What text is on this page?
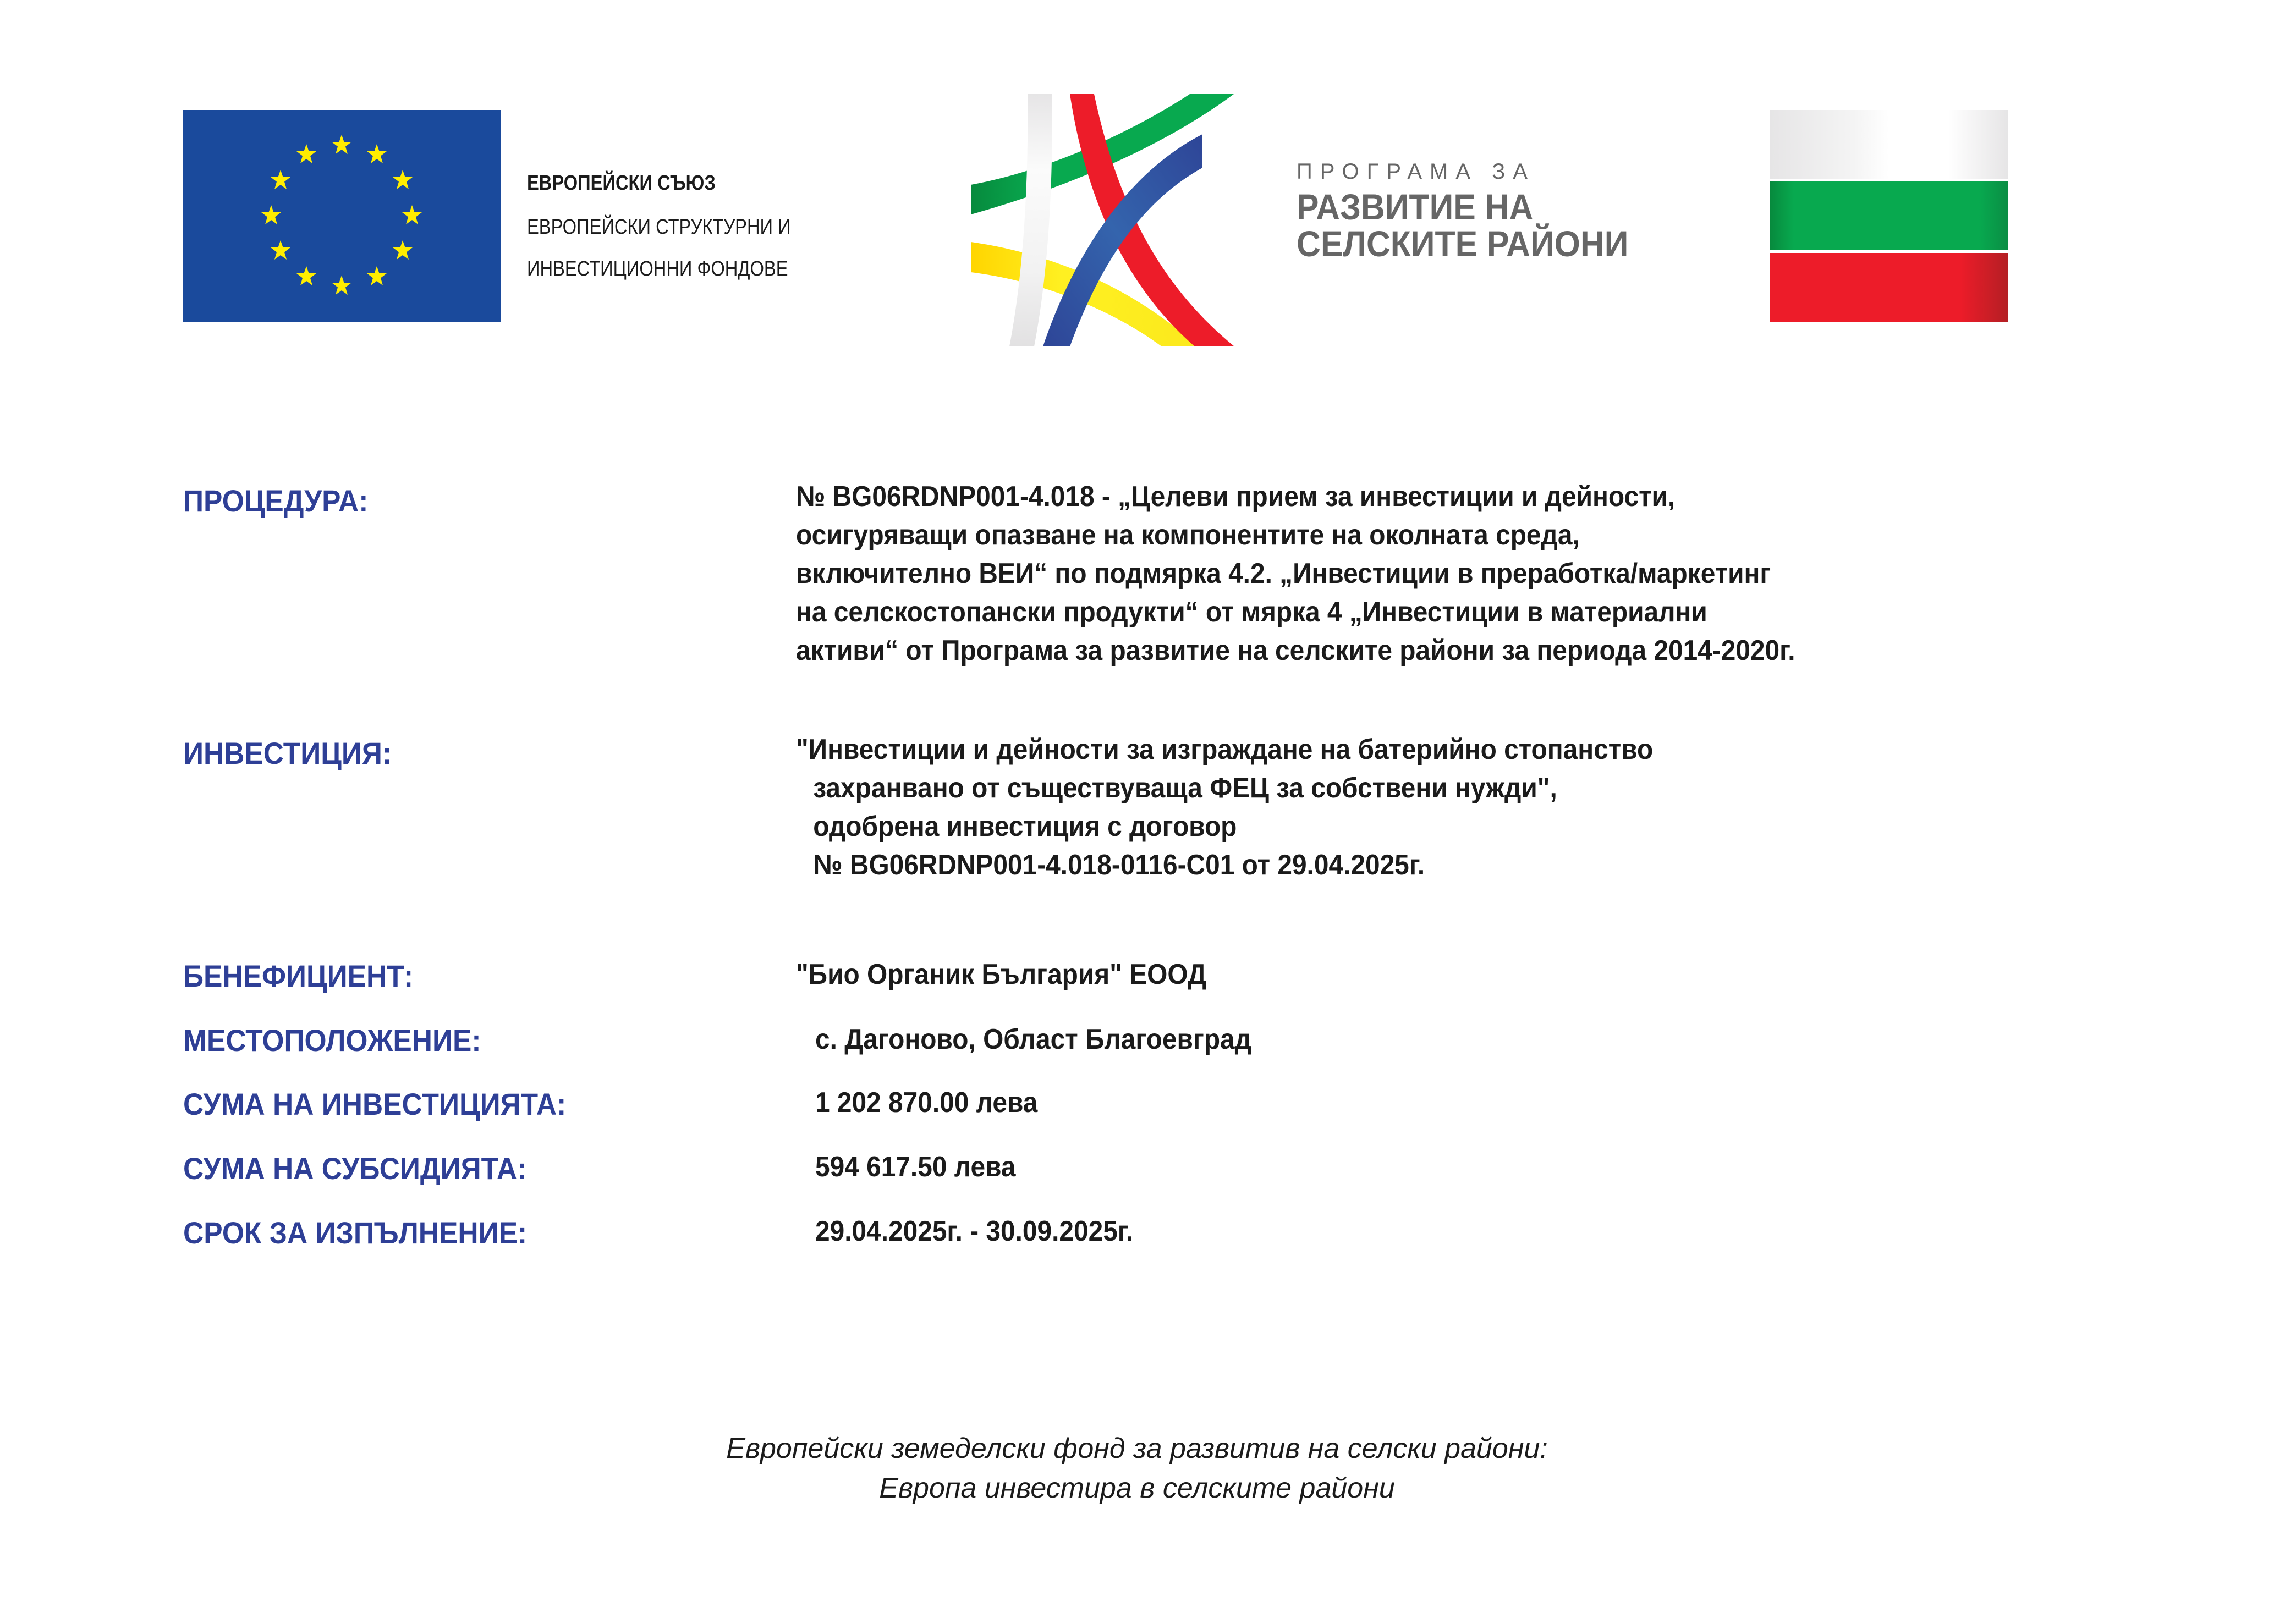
ЕВРОПЕЙСКИ СЪЮЗ
ЕВРОПЕЙСКИ СТРУКТУРНИ И
ИНВЕСТИЦИОННИ ФОНДОВЕ
ПРОГРАМА ЗА
РАЗВИТИЕ НА
СЕЛСКИТЕ РАЙОНИ
ПРОЦЕДУРА:	№ BG06RDNP001-4.018 - „Целеви прием за инвестиции и дейности,
осигуряващи опазване на компонентите на околната среда,
включително ВЕИ“ по подмярка 4.2. „Инвестиции в преработка/маркетинг
на селскостопански продукти“ от мярка 4 „Инвестиции в материални
активи“ от Програма за развитие на селските райони за периода 2014-2020г.
ИНВЕСТИЦИЯ:	"Инвестиции и дейности за изграждане на батерийно стопанство
захранвано от съществуваща ФЕЦ за собствени нужди",
одобрена инвестиция с договор
№ BG06RDNP001-4.018-0116-C01 от 29.04.2025г.
БЕНЕФИЦИЕНТ:	"Био Органик България" ЕООД
МЕСТОПОЛОЖЕНИЕ:	с. Дагоново, Област Благоевград
СУМА НА ИНВЕСТИЦИЯТА:	1 202 870.00 лева
СУМА НА СУБСИДИЯТА:	594 617.50 лева
СРОК ЗА ИЗПЪЛНЕНИЕ:	29.04.2025г. - 30.09.2025г.
Европейски земеделски фонд за развитив на селски райони:
Европа инвестира в селските райони
